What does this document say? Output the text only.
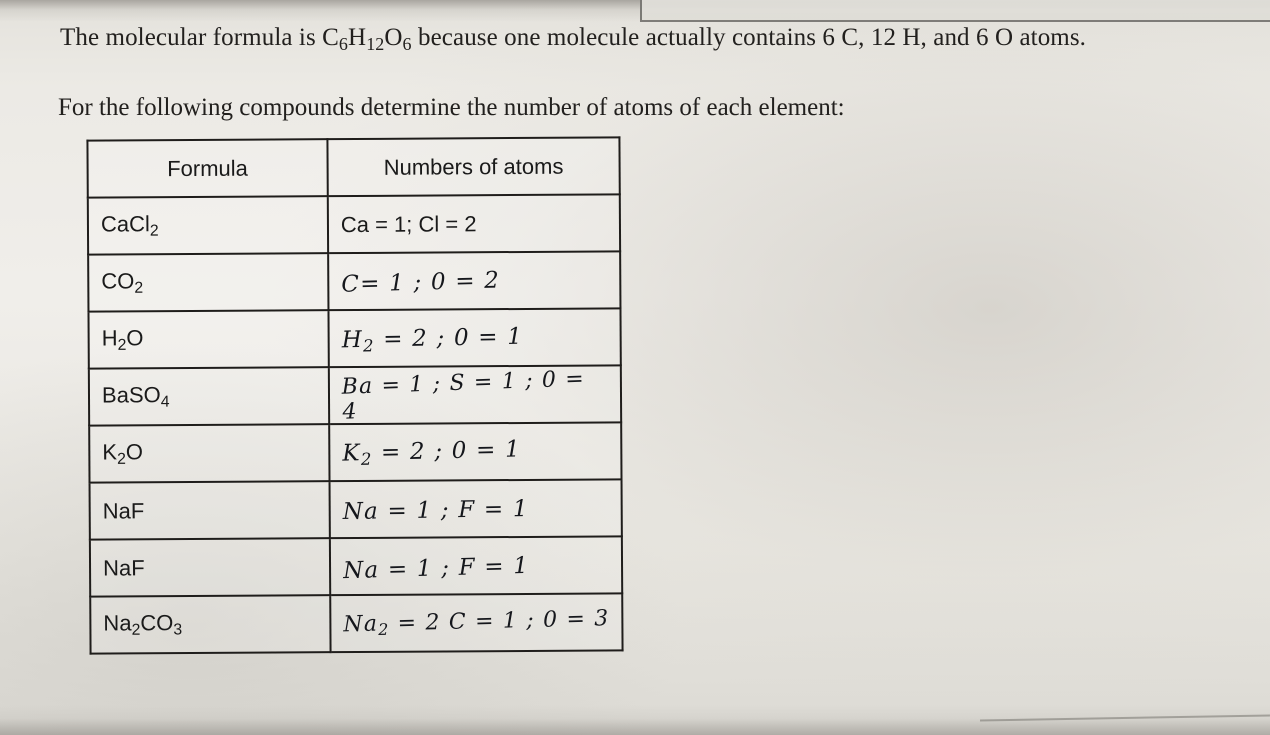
The molecular formula is $C_6H_{12}O_6$ because one molecule actually contains 6 C, 12 H, and 6 O atoms.
For the following compounds determine the number of atoms of each element:
Formula	Numbers of atoms
CaCl$_2$	Ca = 1; Cl = 2
$CO_2$	C= 1 ; 0 = 2
$H_2O$	$H_2 = 2$ ; 0 = 1
BaSO$_4$	Ba = 1 ; S = 1 ; 0 = 4
$K_2O$	$K_2 = 2$ ; 0 = 1
NaF	Na = 1 ; F = 1
NaF	Na = 1 ; F = 1
$Na_2CO_3$	$Na_2 = 2$ C = 1 ; 0 = 3
